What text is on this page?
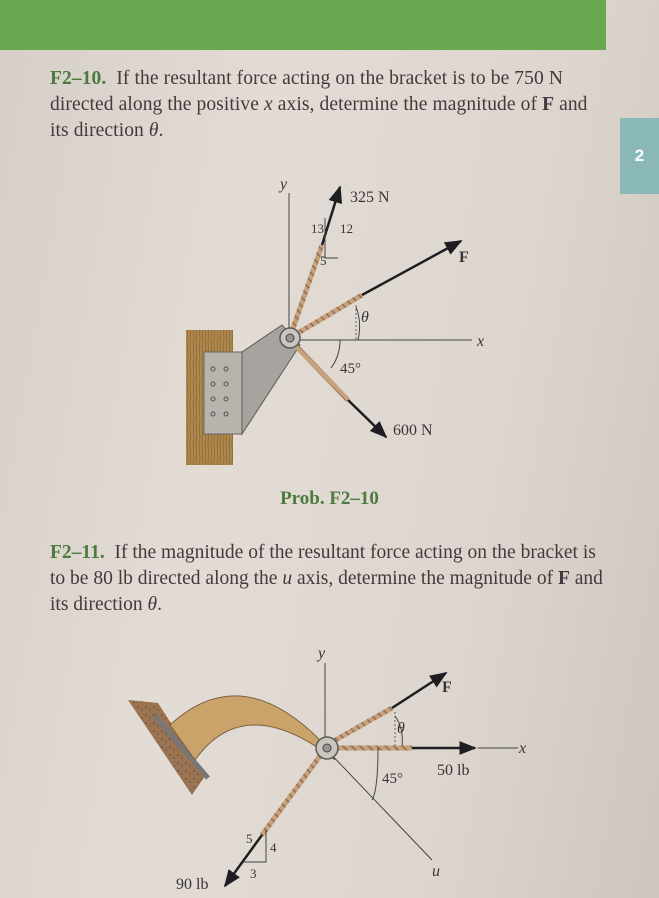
2
F2–10. If the resultant force acting on the bracket is to be 750 N directed along the positive x axis, determine the magnitude of F and its direction θ.
y
x
325 N
13 12
5	F
θ
600 N
45°
Prob. F2–10
F2–11. If the magnitude of the resultant force acting on the bracket is to be 80 lb directed along the u axis, determine the magnitude of F and its direction θ.
y
x
u
F
θ
50 lb
45°
90 lb
5
4
3
